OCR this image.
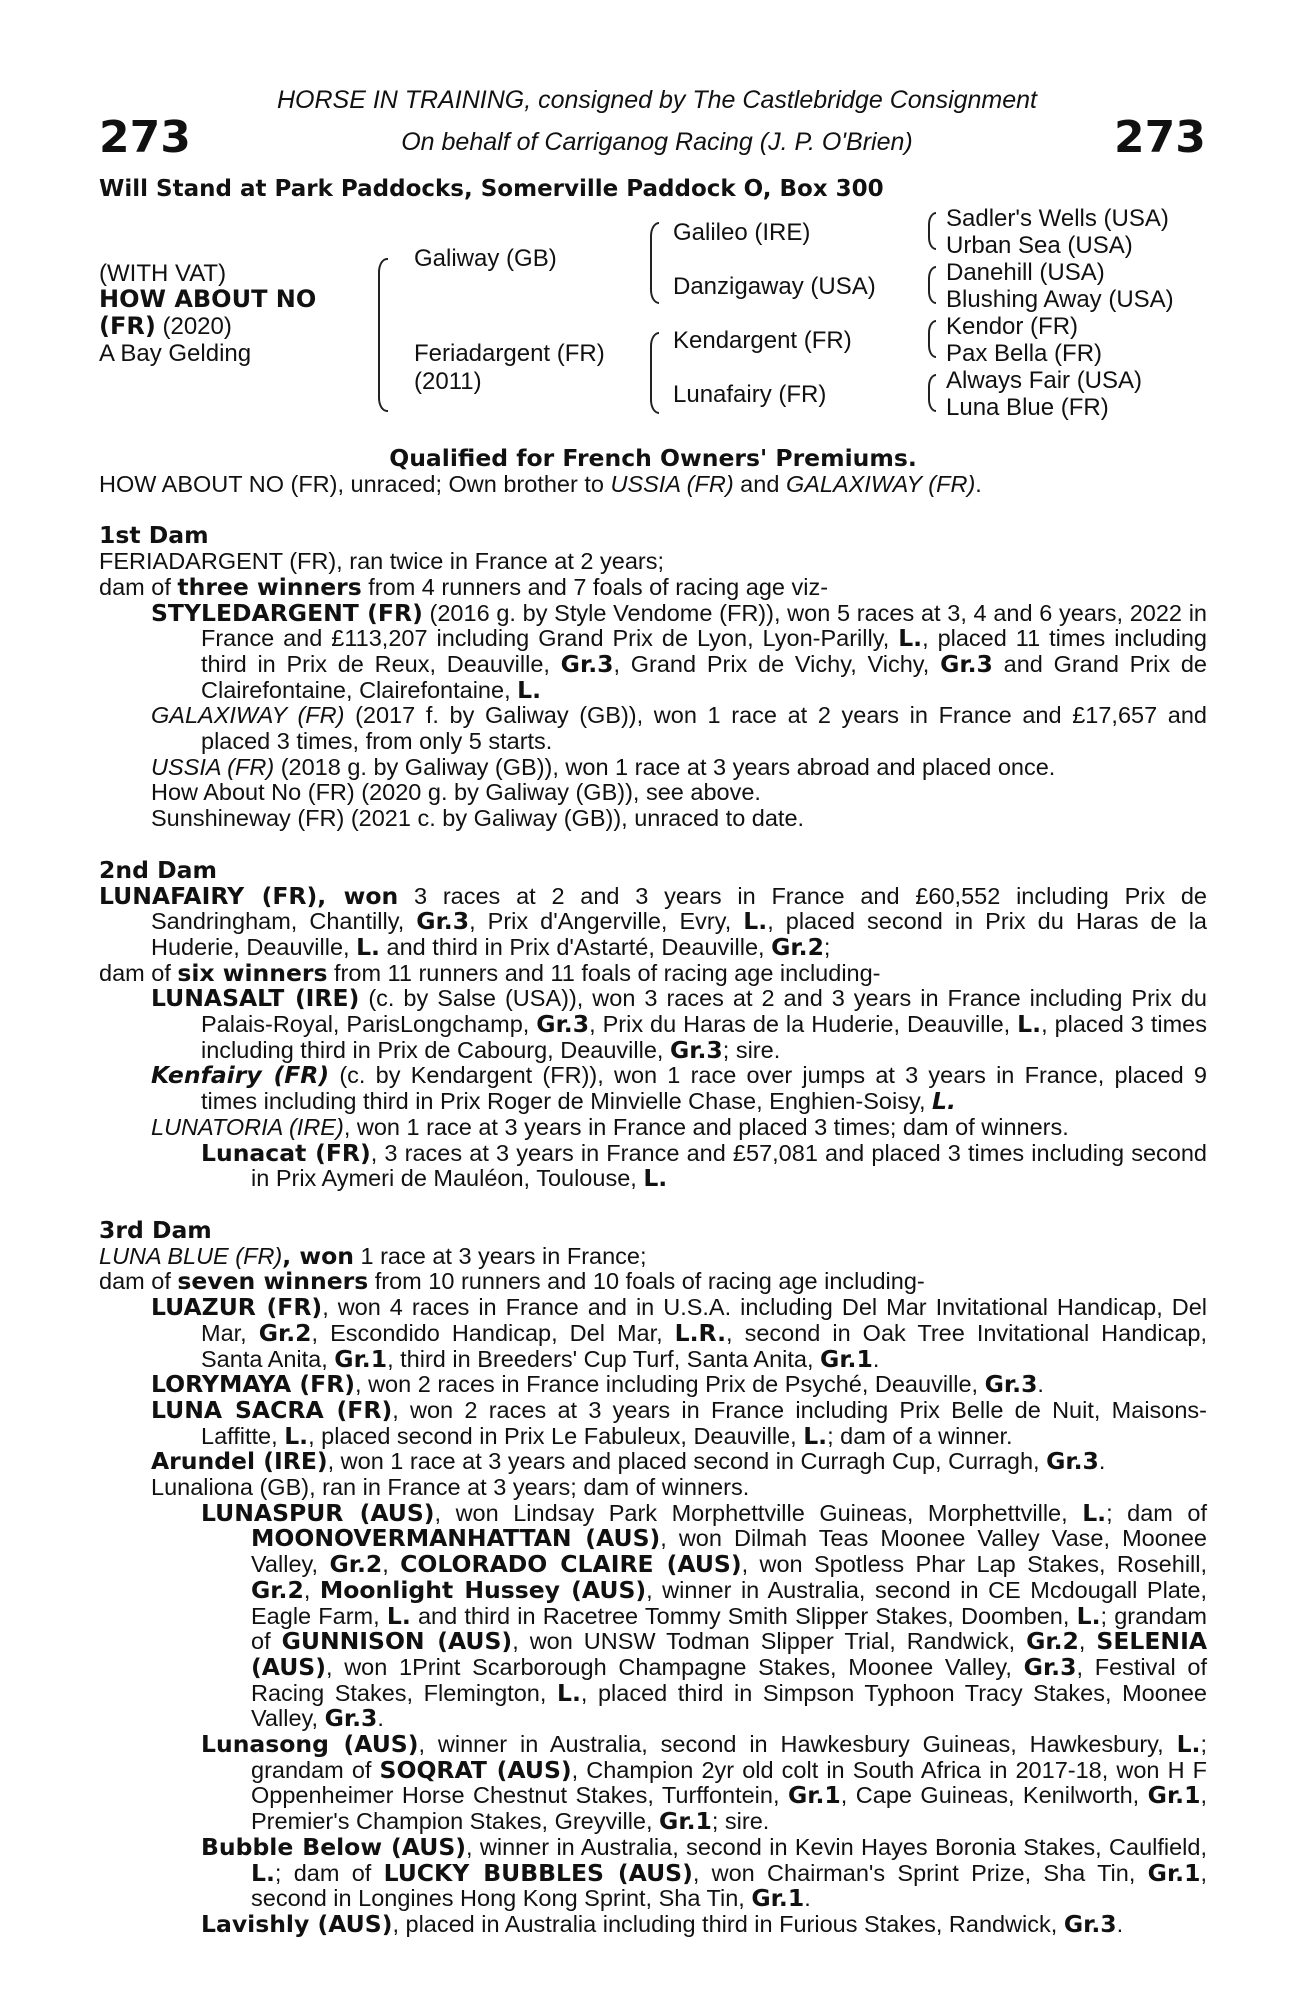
273	273
HORSE IN TRAINING, consigned by The Castlebridge Consignment
On behalf of Carriganog Racing (J. P. O'Brien)
Will Stand at Park Paddocks, Somerville Paddock O, Box 300
(WITH VAT)
HOW ABOUT NO
(FR) (2020)
A Bay Gelding
Galiway (GB)
Feriadargent (FR)
(2011)
Galileo (IRE)
Danzigaway (USA)
Kendargent (FR)
Lunafairy (FR)
Sadler's Wells (USA)
Urban Sea (USA)
Danehill (USA)
Blushing Away (USA)
Kendor (FR)
Pax Bella (FR)
Always Fair (USA)
Luna Blue (FR)

Qualified for French Owners' Premiums.

HOW ABOUT NO (FR), unraced; Own brother to USSIA (FR) and GALAXIWAY (FR).

1st Dam

FERIADARGENT (FR), ran twice in France at 2 years;

dam of three winners from 4 runners and 7 foals of racing age viz-

STYLEDARGENT (FR) (2016 g. by Style Vendome (FR)), won 5 races at 3, 4 and 6 years, 2022 in France and £113,207 including Grand Prix de Lyon, Lyon-Parilly, L., placed 11 times including third in Prix de Reux, Deauville, Gr.3, Grand Prix de Vichy, Vichy, Gr.3 and Grand Prix de Clairefontaine, Clairefontaine, L.

GALAXIWAY (FR) (2017 f. by Galiway (GB)), won 1 race at 2 years in France and £17,657 and placed 3 times, from only 5 starts.

USSIA (FR) (2018 g. by Galiway (GB)), won 1 race at 3 years abroad and placed once.

How About No (FR) (2020 g. by Galiway (GB)), see above.

Sunshineway (FR) (2021 c. by Galiway (GB)), unraced to date.

2nd Dam

LUNAFAIRY (FR), won 3 races at 2 and 3 years in France and £60,552 including Prix de Sandringham, Chantilly, Gr.3, Prix d'Angerville, Evry, L., placed second in Prix du Haras de la Huderie, Deauville, L. and third in Prix d'Astarté, Deauville, Gr.2;

dam of six winners from 11 runners and 11 foals of racing age including-

LUNASALT (IRE) (c. by Salse (USA)), won 3 races at 2 and 3 years in France including Prix du Palais-Royal, ParisLongchamp, Gr.3, Prix du Haras de la Huderie, Deauville, L., placed 3 times including third in Prix de Cabourg, Deauville, Gr.3; sire.

Kenfairy (FR) (c. by Kendargent (FR)), won 1 race over jumps at 3 years in France, placed 9 times including third in Prix Roger de Minvielle Chase, Enghien-Soisy, L.

LUNATORIA (IRE), won 1 race at 3 years in France and placed 3 times; dam of winners.

Lunacat (FR), 3 races at 3 years in France and £57,081 and placed 3 times including second in Prix Aymeri de Mauléon, Toulouse, L.

3rd Dam

LUNA BLUE (FR), won 1 race at 3 years in France;

dam of seven winners from 10 runners and 10 foals of racing age including-

LUAZUR (FR), won 4 races in France and in U.S.A. including Del Mar Invitational Handicap, Del Mar, Gr.2, Escondido Handicap, Del Mar, L.R., second in Oak Tree Invitational Handicap, Santa Anita, Gr.1, third in Breeders' Cup Turf, Santa Anita, Gr.1.

LORYMAYA (FR), won 2 races in France including Prix de Psyché, Deauville, Gr.3.

LUNA SACRA (FR), won 2 races at 3 years in France including Prix Belle de Nuit, Maisons-Laffitte, L., placed second in Prix Le Fabuleux, Deauville, L.; dam of a winner.

Arundel (IRE), won 1 race at 3 years and placed second in Curragh Cup, Curragh, Gr.3.

Lunaliona (GB), ran in France at 3 years; dam of winners.

LUNASPUR (AUS), won Lindsay Park Morphettville Guineas, Morphettville, L.; dam of MOONOVERMANHATTAN (AUS), won Dilmah Teas Moonee Valley Vase, Moonee Valley, Gr.2, COLORADO CLAIRE (AUS), won Spotless Phar Lap Stakes, Rosehill, Gr.2, Moonlight Hussey (AUS), winner in Australia, second in CE Mcdougall Plate, Eagle Farm, L. and third in Racetree Tommy Smith Slipper Stakes, Doomben, L.; grandam of GUNNISON (AUS), won UNSW Todman Slipper Trial, Randwick, Gr.2, SELENIA (AUS), won 1Print Scarborough Champagne Stakes, Moonee Valley, Gr.3, Festival of Racing Stakes, Flemington, L., placed third in Simpson Typhoon Tracy Stakes, Moonee Valley, Gr.3.

Lunasong (AUS), winner in Australia, second in Hawkesbury Guineas, Hawkesbury, L.; grandam of SOQRAT (AUS), Champion 2yr old colt in South Africa in 2017-18, won H F Oppenheimer Horse Chestnut Stakes, Turffontein, Gr.1, Cape Guineas, Kenilworth, Gr.1, Premier's Champion Stakes, Greyville, Gr.1; sire.

Bubble Below (AUS), winner in Australia, second in Kevin Hayes Boronia Stakes, Caulfield, L.; dam of LUCKY BUBBLES (AUS), won Chairman's Sprint Prize, Sha Tin, Gr.1, second in Longines Hong Kong Sprint, Sha Tin, Gr.1.

Lavishly (AUS), placed in Australia including third in Furious Stakes, Randwick, Gr.3.
